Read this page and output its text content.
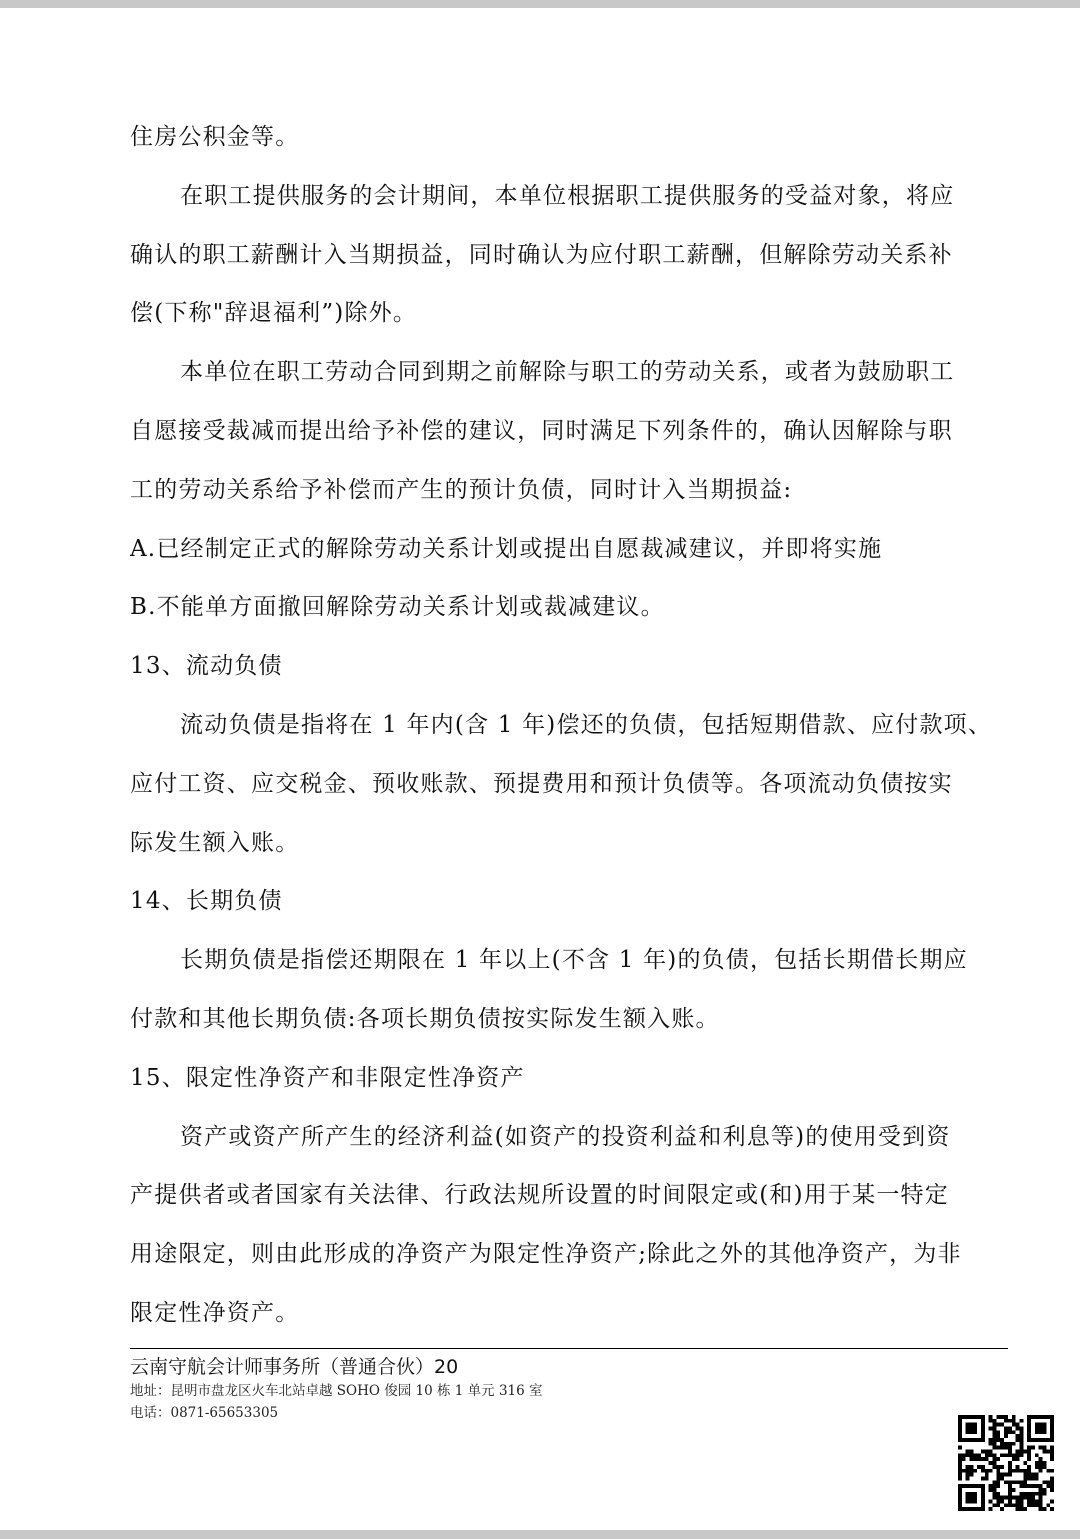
住房公积金等。
在职工提供服务的会计期间，本单位根据职工提供服务的受益对象，将应
确认的职工薪酬计入当期损益，同时确认为应付职工薪酬，但解除劳动关系补
偿(下称"辞退福利”)除外。
本单位在职工劳动合同到期之前解除与职工的劳动关系，或者为鼓励职工
自愿接受裁减而提出给予补偿的建议，同时满足下列条件的，确认因解除与职
工的劳动关系给予补偿而产生的预计负债，同时计入当期损益:
A.已经制定正式的解除劳动关系计划或提出自愿裁减建议，并即将实施
B.不能单方面撤回解除劳动关系计划或裁减建议。
13、流动负债
流动负债是指将在 1 年内(含 1 年)偿还的负债，包括短期借款、应付款项、
应付工资、应交税金、预收账款、预提费用和预计负债等。各项流动负债按实
际发生额入账。
14、长期负债
长期负债是指偿还期限在 1 年以上(不含 1 年)的负债，包括长期借长期应
付款和其他长期负债:各项长期负债按实际发生额入账。
15、限定性净资产和非限定性净资产
资产或资产所产生的经济利益(如资产的投资利益和利息等)的使用受到资
产提供者或者国家有关法律、行政法规所设置的时间限定或(和)用于某一特定
用途限定，则由此形成的净资产为限定性净资产;除此之外的其他净资产，为非
限定性净资产。
云南守航会计师事务所（普通合伙）20
地址：昆明市盘龙区火车北站卓越 SOHO 俊园 10 栋 1 单元 316 室
电话：0871-65653305
